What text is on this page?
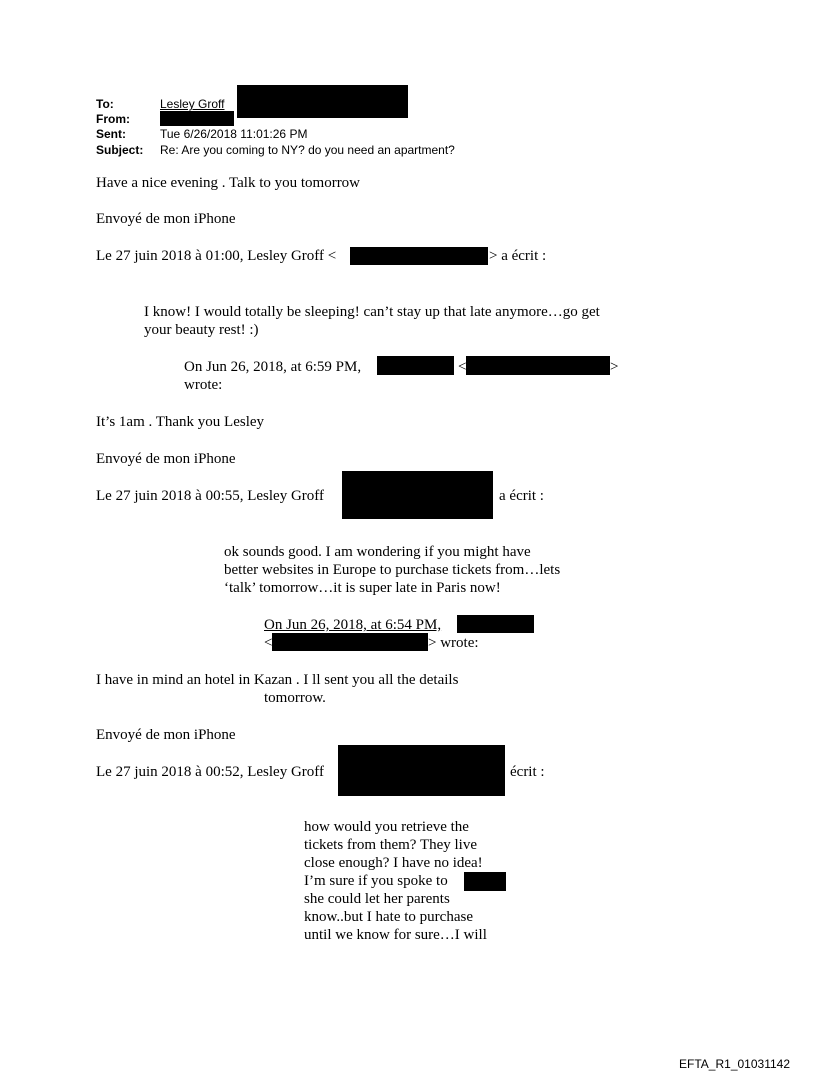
To:	Lesley Groff
From:
Sent:	Tue 6/26/2018 11:01:26 PM
Subject: Re: Are you coming to NY? do you need an apartment?
Have a nice evening . Talk to you tomorrow
Envoyé de mon iPhone
Le 27 juin 2018 à 01:00, Lesley Groff <	> a écrit :
I know! I would totally be sleeping! can’t stay up that late anymore…go get
your beauty rest! :)
On Jun 26, 2018, at 6:59 PM,	<	>
wrote:
It’s 1am . Thank you Lesley
Envoyé de mon iPhone
Le 27 juin 2018 à 00:55, Lesley Groff	a écrit :
ok sounds good. I am wondering if you might have
better websites in Europe to purchase tickets from…lets
‘talk’ tomorrow…it is super late in Paris now!
On Jun 26, 2018, at 6:54 PM,
<	> wrote:
I have in mind an hotel in Kazan . I ll sent you all the details
tomorrow.
Envoyé de mon iPhone
Le 27 juin 2018 à 00:52, Lesley Groff	écrit :
how would you retrieve the
tickets from them? They live
close enough? I have no idea!
I’m sure if you spoke to
she could let her parents
know..but I hate to purchase
until we know for sure…I will
EFTA_R1_01031142
